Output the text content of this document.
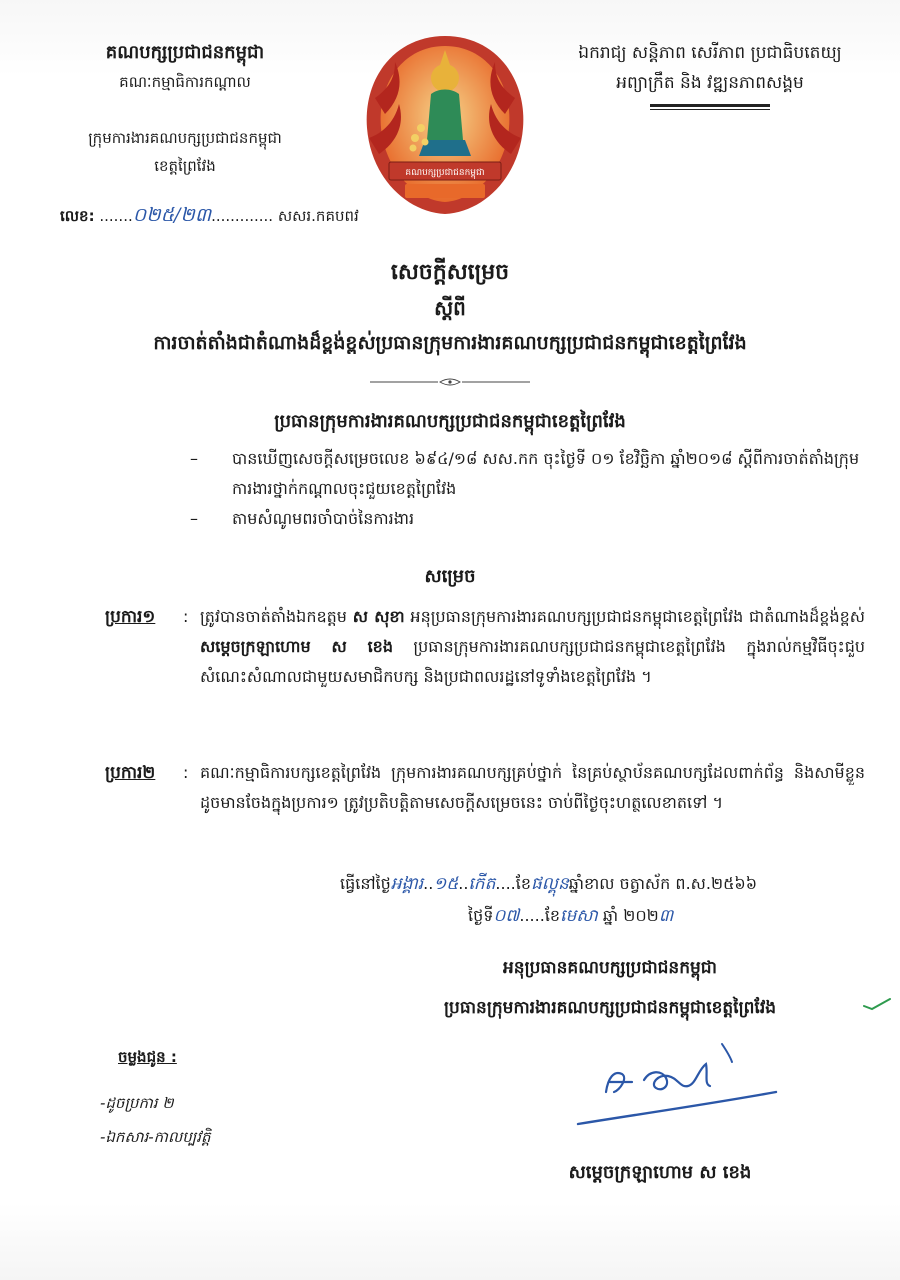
គណបក្សប្រជាជនកម្ពុជា
គណៈកម្មាធិការកណ្តាល
ក្រុមការងារគណបក្សប្រជាជនកម្ពុជា
ខេត្តព្រៃវែង	គណបក្សប្រជាជនកម្ពុជា
ឯករាជ្យ សន្តិភាព សេរីភាព ប្រជាធិបតេយ្យ
អព្យាក្រឹត និង វឌ្ឍនភាពសង្គម
លេខ: .......០២៥/២៣............. សសរ.កគបពវ
សេចក្តីសម្រេច
ស្តីពី
ការចាត់តាំងជាតំណាងដ៏ខ្ពង់ខ្ពស់ប្រធានក្រុមការងារគណបក្សប្រជាជនកម្ពុជាខេត្តព្រៃវែង
ប្រធានក្រុមការងារគណបក្សប្រជាជនកម្ពុជាខេត្តព្រៃវែង
– បានឃើញសេចក្តីសម្រេចលេខ ៦៩៤/១៨ សស.កក ចុះថ្ងៃទី ០១ ខែវិច្ឆិកា ឆ្នាំ២០១៨ ស្តីពីការចាត់តាំងក្រុមការងារថ្នាក់កណ្តាលចុះជួយខេត្តព្រៃវែង
– តាមសំណូមពរចាំបាច់នៃការងារ
សម្រេច
ប្រការ១ : ត្រូវបានចាត់តាំងឯកឧត្តម ស សុខា អនុប្រធានក្រុមការងារគណបក្សប្រជាជនកម្ពុជាខេត្តព្រៃវែង ជាតំណាងដ៏ខ្ពង់ខ្ពស់ សម្តេចក្រឡាហោម ស ខេង ប្រធានក្រុមការងារគណបក្សប្រជាជនកម្ពុជាខេត្តព្រៃវែង ក្នុងរាល់កម្មវិធីចុះជួបសំណេះសំណាលជាមួយសមាជិកបក្ស និងប្រជាពលរដ្ឋនៅទូទាំងខេត្តព្រៃវែង ។
ប្រការ២ : គណៈកម្មាធិការបក្សខេត្តព្រៃវែង ក្រុមការងារគណបក្សគ្រប់ថ្នាក់ នៃគ្រប់ស្ថាប័នគណបក្សដែលពាក់ព័ន្ធ និងសាមីខ្លួនដូចមានចែងក្នុងប្រការ១ ត្រូវប្រតិបត្តិតាមសេចក្តីសម្រេចនេះ ចាប់ពីថ្ងៃចុះហត្ថលេខាតទៅ ។
ធ្វើនៅថ្ងៃអង្គារ..១៥..កើត....ខែផល្គុនឆ្នាំខាល ចត្វាស័ក ព.ស.២៥៦៦
ថ្ងៃទី០៧.....ខែមេសា ឆ្នាំ ២០២៣
អនុប្រធានគណបក្សប្រជាជនកម្ពុជា
ប្រធានក្រុមការងារគណបក្សប្រជាជនកម្ពុជាខេត្តព្រៃវែង
ចម្លងជូន :
-ដូចប្រការ ២
-ឯកសារ-កាលប្បវត្តិ
សម្តេចក្រឡាហោម ស ខេង
